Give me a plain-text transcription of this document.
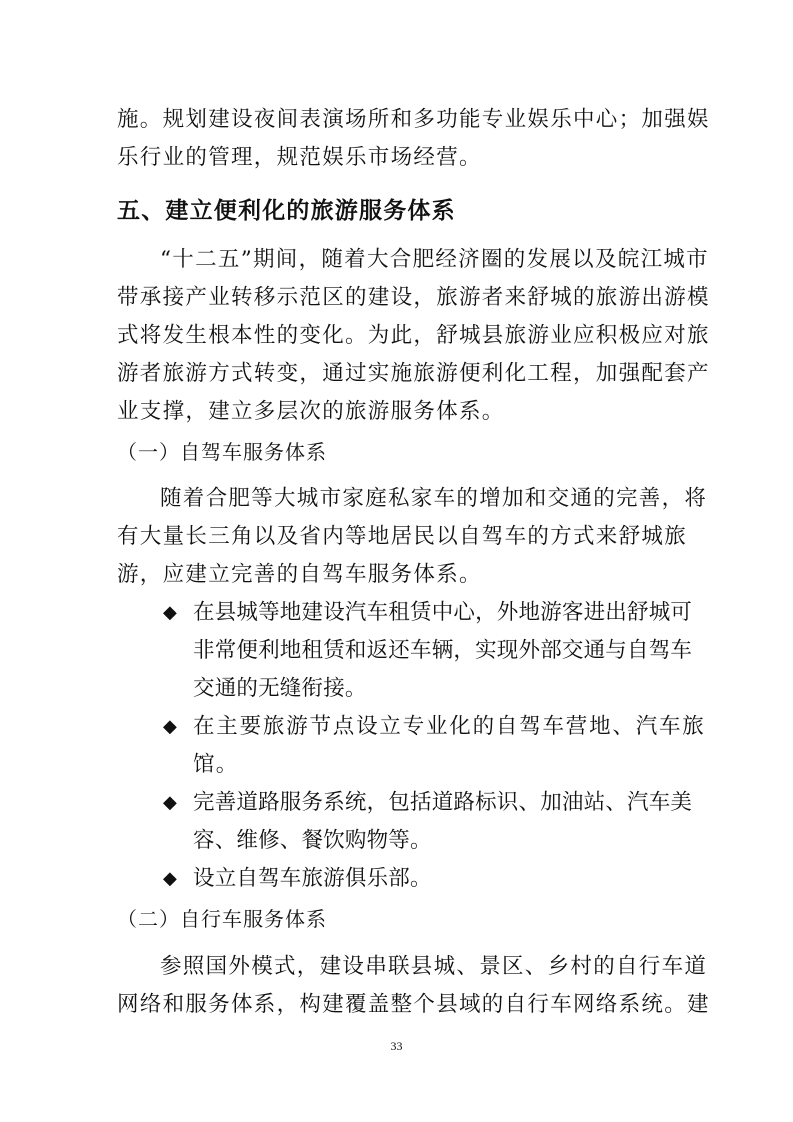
施。规划建设夜间表演场所和多功能专业娱乐中心；加强娱
乐行业的管理，规范娱乐市场经营。
五、建立便利化的旅游服务体系
“十二五”期间，随着大合肥经济圈的发展以及皖江城市
带承接产业转移示范区的建设，旅游者来舒城的旅游出游模
式将发生根本性的变化。为此，舒城县旅游业应积极应对旅
游者旅游方式转变，通过实施旅游便利化工程，加强配套产
业支撑，建立多层次的旅游服务体系。
（一）自驾车服务体系
随着合肥等大城市家庭私家车的增加和交通的完善，将
有大量长三角以及省内等地居民以自驾车的方式来舒城旅
游，应建立完善的自驾车服务体系。
◆ 在县城等地建设汽车租赁中心，外地游客进出舒城可
非常便利地租赁和返还车辆，实现外部交通与自驾车
交通的无缝衔接。
◆ 在主要旅游节点设立专业化的自驾车营地、汽车旅
馆。
◆ 完善道路服务系统，包括道路标识、加油站、汽车美
容、维修、餐饮购物等。
◆ 设立自驾车旅游俱乐部。
（二）自行车服务体系
参照国外模式，建设串联县城、景区、乡村的自行车道
网络和服务体系，构建覆盖整个县域的自行车网络系统。建
33
